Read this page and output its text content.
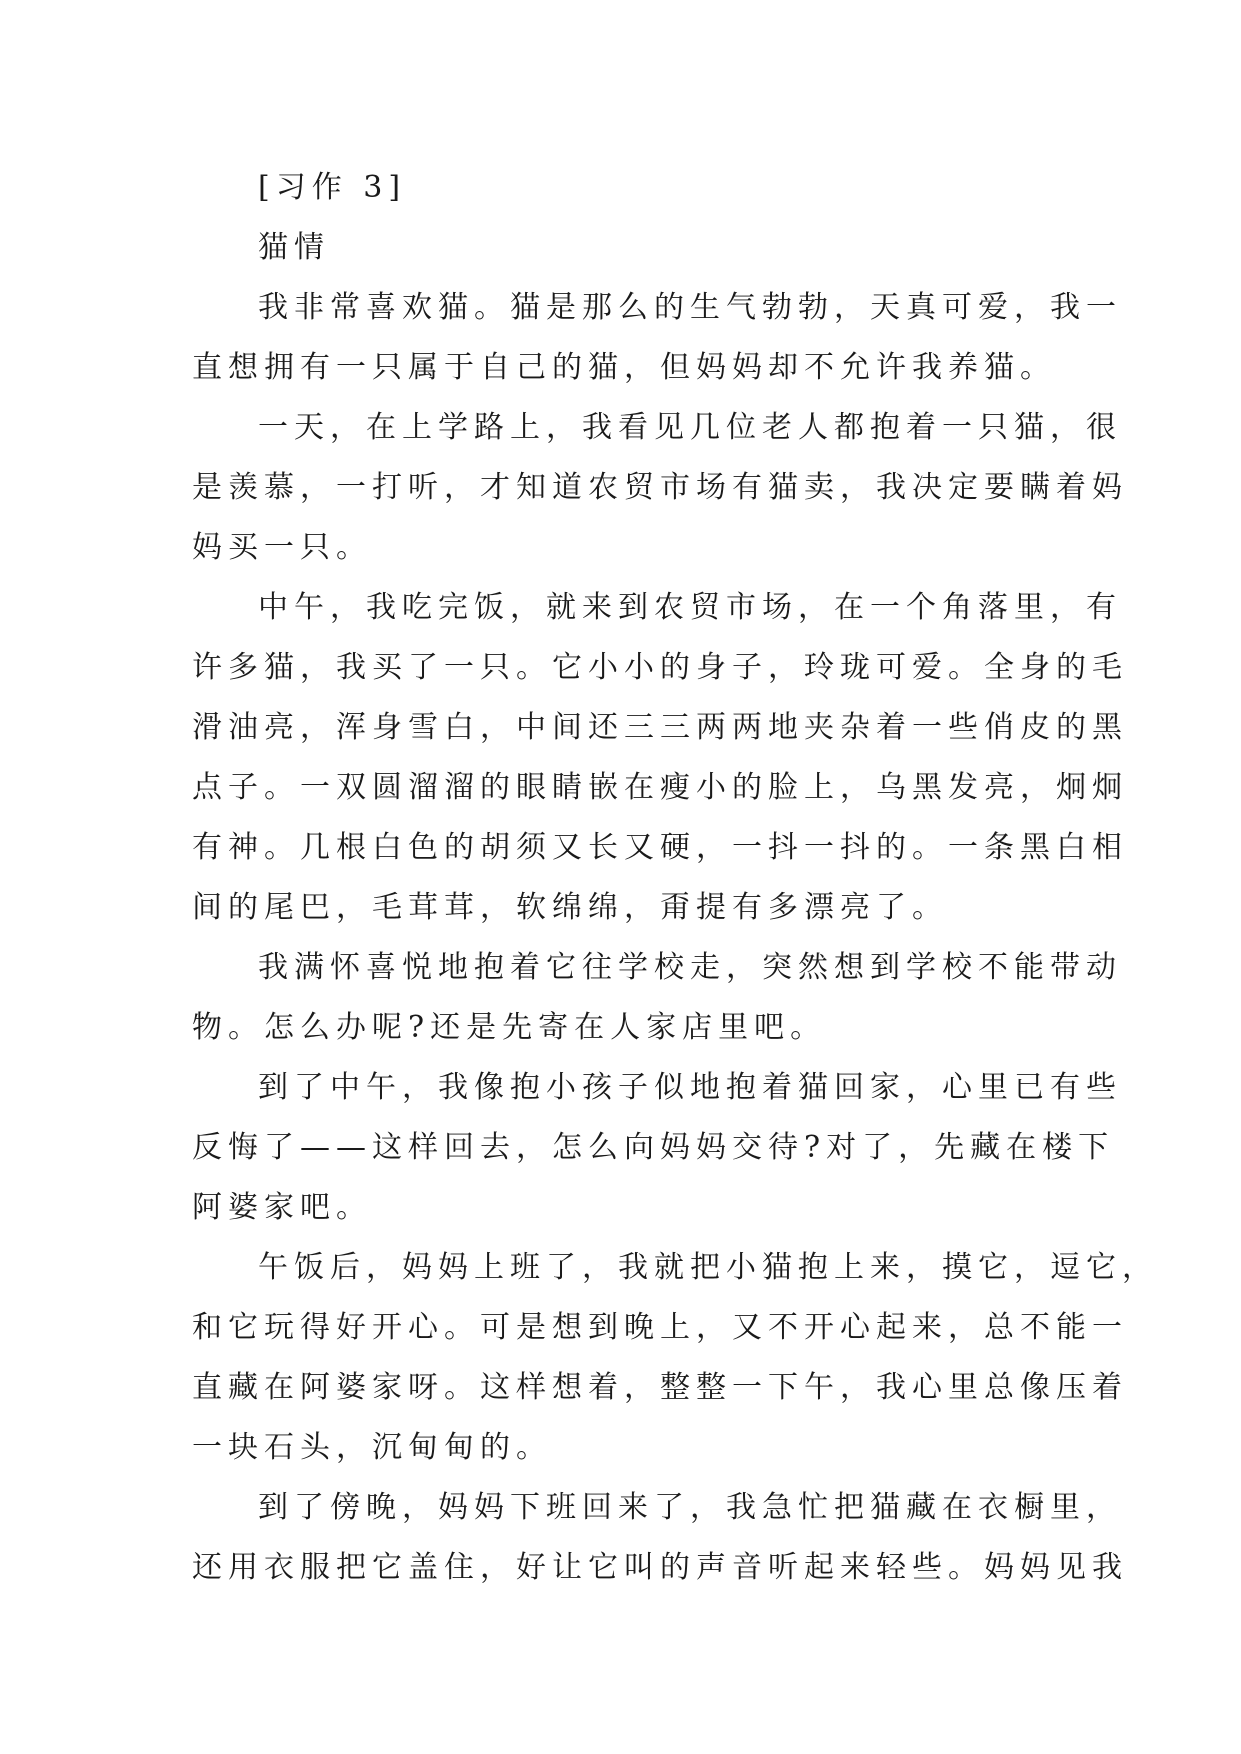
[习作 3]
猫情
我非常喜欢猫。猫是那么的生气勃勃，天真可爱，我一
直想拥有一只属于自己的猫，但妈妈却不允许我养猫。
一天，在上学路上，我看见几位老人都抱着一只猫，很
是羡慕，一打听，才知道农贸市场有猫卖，我决定要瞒着妈
妈买一只。
中午，我吃完饭，就来到农贸市场，在一个角落里，有
许多猫，我买了一只。它小小的身子，玲珑可爱。全身的毛
滑油亮，浑身雪白，中间还三三两两地夹杂着一些俏皮的黑
点子。一双圆溜溜的眼睛嵌在瘦小的脸上，乌黑发亮，炯炯
有神。几根白色的胡须又长又硬，一抖一抖的。一条黑白相
间的尾巴，毛茸茸，软绵绵，甭提有多漂亮了。
我满怀喜悦地抱着它往学校走，突然想到学校不能带动
物。怎么办呢?还是先寄在人家店里吧。
到了中午，我像抱小孩子似地抱着猫回家，心里已有些
反悔了——这样回去，怎么向妈妈交待?对了，先藏在楼下
阿婆家吧。
午饭后，妈妈上班了，我就把小猫抱上来，摸它，逗它，
和它玩得好开心。可是想到晚上，又不开心起来，总不能一
直藏在阿婆家呀。这样想着，整整一下午，我心里总像压着
一块石头，沉甸甸的。
到了傍晚，妈妈下班回来了，我急忙把猫藏在衣橱里，
还用衣服把它盖住，好让它叫的声音听起来轻些。妈妈见我
